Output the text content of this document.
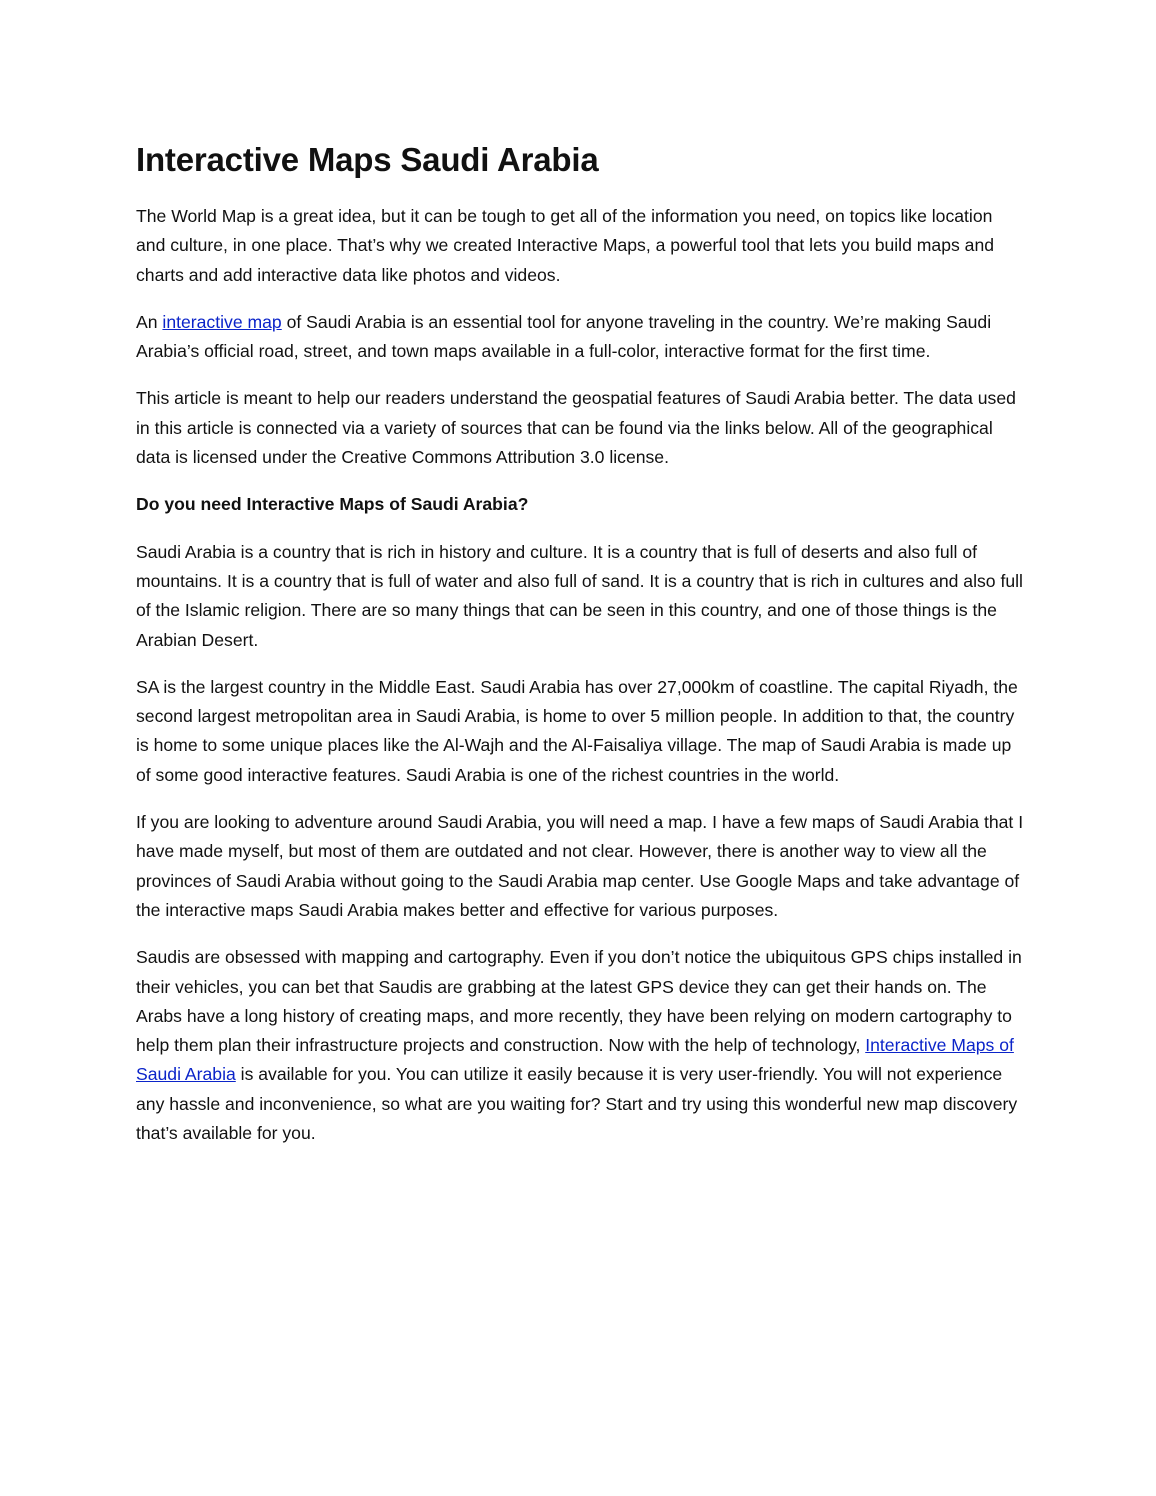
Interactive Maps Saudi Arabia

The World Map is a great idea, but it can be tough to get all of the information you need, on topics like location and culture, in one place. That’s why we created Interactive Maps, a powerful tool that lets you build maps and charts and add interactive data like photos and videos.

An interactive map of Saudi Arabia is an essential tool for anyone traveling in the country. We’re making Saudi Arabia’s official road, street, and town maps available in a full-color, interactive format for the first time.

This article is meant to help our readers understand the geospatial features of Saudi Arabia better. The data used in this article is connected via a variety of sources that can be found via the links below. All of the geographical data is licensed under the Creative Commons Attribution 3.0 license.

Do you need Interactive Maps of Saudi Arabia?

Saudi Arabia is a country that is rich in history and culture. It is a country that is full of deserts and also full of mountains. It is a country that is full of water and also full of sand. It is a country that is rich in cultures and also full of the Islamic religion. There are so many things that can be seen in this country, and one of those things is the Arabian Desert.

SA is the largest country in the Middle East. Saudi Arabia has over 27,000km of coastline. The capital Riyadh, the second largest metropolitan area in Saudi Arabia, is home to over 5 million people. In addition to that, the country is home to some unique places like the Al-Wajh and the Al-Faisaliya village. The map of Saudi Arabia is made up of some good interactive features. Saudi Arabia is one of the richest countries in the world.

If you are looking to adventure around Saudi Arabia, you will need a map. I have a few maps of Saudi Arabia that I have made myself, but most of them are outdated and not clear. However, there is another way to view all the provinces of Saudi Arabia without going to the Saudi Arabia map center. Use Google Maps and take advantage of the interactive maps Saudi Arabia makes better and effective for various purposes.

Saudis are obsessed with mapping and cartography. Even if you don’t notice the ubiquitous GPS chips installed in their vehicles, you can bet that Saudis are grabbing at the latest GPS device they can get their hands on. The Arabs have a long history of creating maps, and more recently, they have been relying on modern cartography to help them plan their infrastructure projects and construction. Now with the help of technology, Interactive Maps of Saudi Arabia is available for you. You can utilize it easily because it is very user-friendly. You will not experience any hassle and inconvenience, so what are you waiting for? Start and try using this wonderful new map discovery that’s available for you.
